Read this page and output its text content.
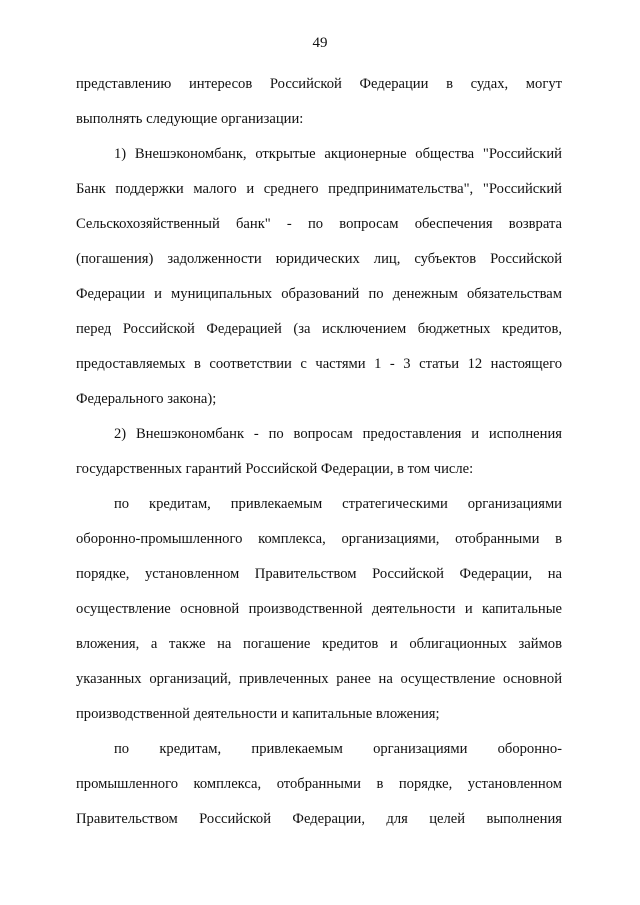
49
представлению интересов Российской Федерации в судах, могут
выполнять следующие организации:
1) Внешэкономбанк, открытые акционерные общества "Российский
Банк поддержки малого и среднего предпринимательства", "Российский
Сельскохозяйственный банк" - по вопросам обеспечения возврата
(погашения) задолженности юридических лиц, субъектов Российской
Федерации и муниципальных образований по денежным обязательствам
перед Российской Федерацией (за исключением бюджетных кредитов,
предоставляемых в соответствии с частями 1 - 3 статьи 12 настоящего
Федерального закона);
2) Внешэкономбанк - по вопросам предоставления и исполнения
государственных гарантий Российской Федерации, в том числе:
по кредитам, привлекаемым стратегическими организациями
оборонно-промышленного комплекса, организациями, отобранными в
порядке, установленном Правительством Российской Федерации, на
осуществление основной производственной деятельности и капитальные
вложения, а также на погашение кредитов и облигационных займов
указанных организаций, привлеченных ранее на осуществление основной
производственной деятельности и капитальные вложения;
по кредитам, привлекаемым организациями оборонно-
промышленного комплекса, отобранными в порядке, установленном
Правительством Российской Федерации, для целей выполнения
